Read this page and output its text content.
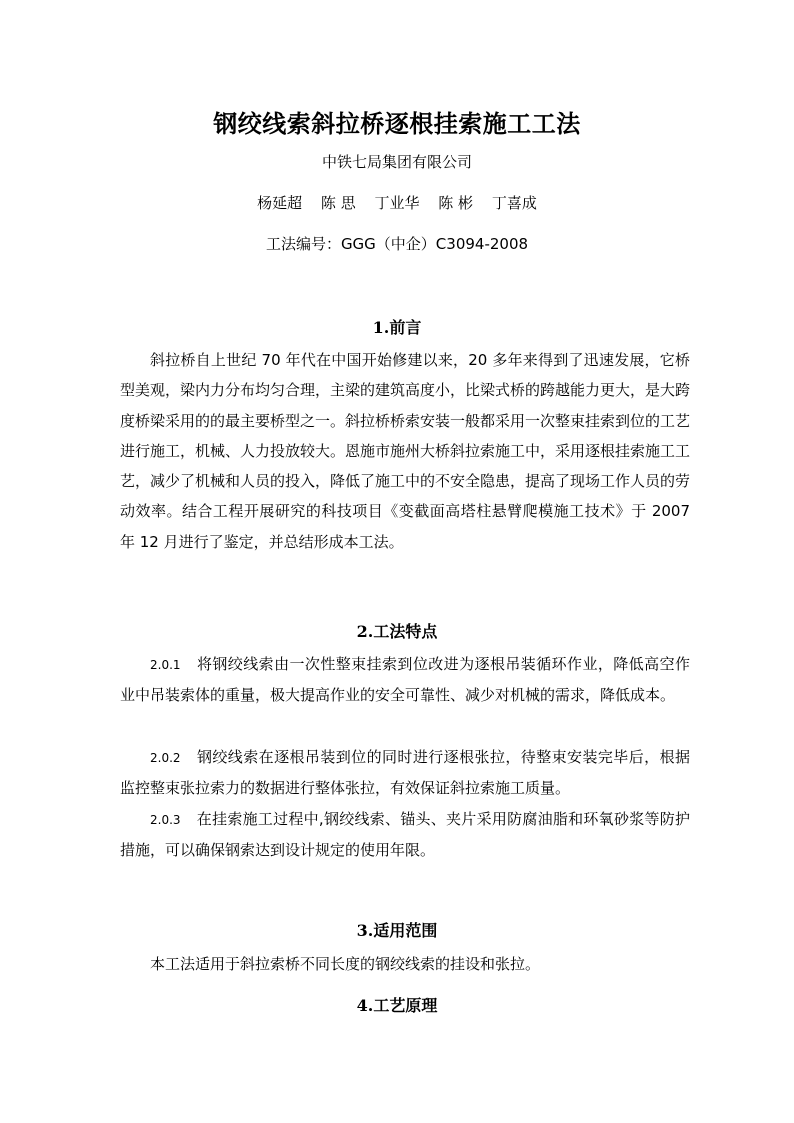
钢绞线索斜拉桥逐根挂索施工工法
中铁七局集团有限公司
杨延超 陈 思 丁业华 陈 彬 丁喜成
工法编号：GGG（中企）C3094-2008
1.前言
斜拉桥自上世纪 70 年代在中国开始修建以来，20 多年来得到了迅速发展，它桥型美观，梁内力分布均匀合理，主梁的建筑高度小，比梁式桥的跨越能力更大，是大跨度桥梁采用的的最主要桥型之一。斜拉桥桥索安装一般都采用一次整束挂索到位的工艺进行施工，机械、人力投放较大。恩施市施州大桥斜拉索施工中，采用逐根挂索施工工艺，减少了机械和人员的投入，降低了施工中的不安全隐患，提高了现场工作人员的劳动效率。结合工程开展研究的科技项目《变截面高塔柱悬臂爬模施工技术》于 2007 年 12 月进行了鉴定，并总结形成本工法。
2.工法特点
2.0.1 将钢绞线索由一次性整束挂索到位改进为逐根吊装循环作业，降低高空作业中吊装索体的重量，极大提高作业的安全可靠性、减少对机械的需求，降低成本。
2.0.2 钢绞线索在逐根吊装到位的同时进行逐根张拉，待整束安装完毕后，根据监控整束张拉索力的数据进行整体张拉，有效保证斜拉索施工质量。
2.0.3 在挂索施工过程中,钢绞线索、锚头、夹片采用防腐油脂和环氧砂浆等防护措施，可以确保钢索达到设计规定的使用年限。
3.适用范围
本工法适用于斜拉索桥不同长度的钢绞线索的挂设和张拉。
4.工艺原理
